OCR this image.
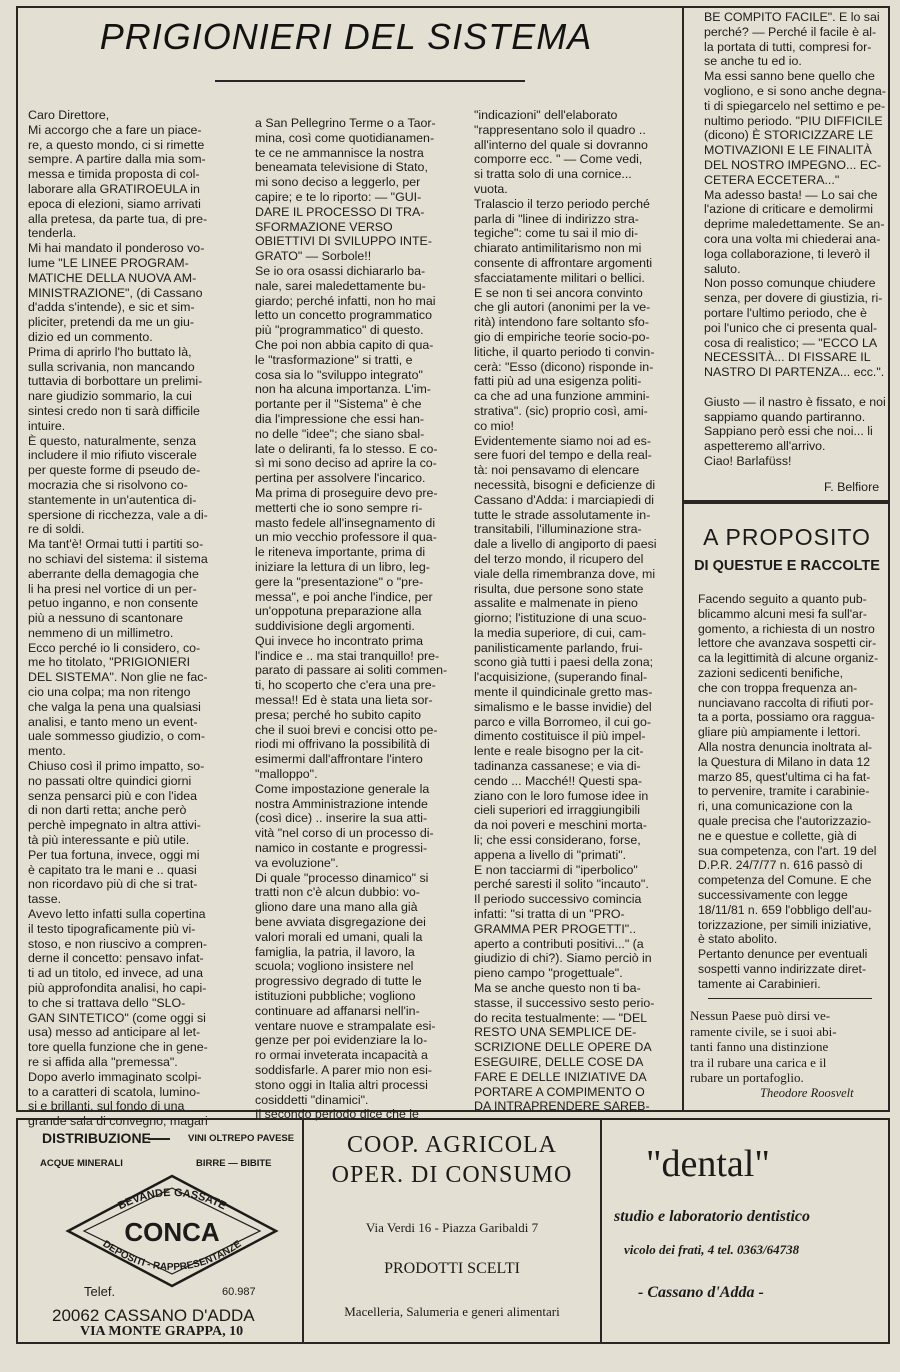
PRIGIONIERI DEL SISTEMA
Caro Direttore,
Mi accorgo che a fare un piace-
re, a questo mondo, ci si rimette
sempre. A partire dalla mia som-
messa e timida proposta di col-
laborare alla GRATIROEULA in
epoca di elezioni, siamo arrivati
alla pretesa, da parte tua, di pre-
tenderla.
Mi hai mandato il ponderoso vo-
lume "LE LINEE PROGRAM-
MATICHE DELLA NUOVA AM-
MINISTRAZIONE", (di Cassano
d'adda s'intende), e sic et sim-
pliciter, pretendi da me un giu-
dizio ed un commento.
Prima di aprirlo l'ho buttato là,
sulla scrivania, non mancando
tuttavia di borbottare un prelimi-
nare giudizio sommario, la cui
sintesi credo non ti sarà difficile
intuire.
È questo, naturalmente, senza
includere il mio rifiuto viscerale
per queste forme di pseudo de-
mocrazia che si risolvono co-
stantemente in un'autentica di-
spersione di ricchezza, vale a di-
re di soldi.
Ma tant'è! Ormai tutti i partiti so-
no schiavi del sistema: il sistema
aberrante della demagogia che
li ha presi nel vortice di un per-
petuo inganno, e non consente
più a nessuno di scantonare
nemmeno di un millimetro.
Ecco perché io li considero, co-
me ho titolato, "PRIGIONIERI
DEL SISTEMA". Non glie ne fac-
cio una colpa; ma non ritengo
che valga la pena una qualsiasi
analisi, e tanto meno un event-
uale sommesso giudizio, o com-
mento.
Chiuso così il primo impatto, so-
no passati oltre quindici giorni
senza pensarci più e con l'idea
di non darti retta; anche però
perchè impegnato in altra attivi-
tà più interessante e più utile.
Per tua fortuna, invece, oggi mi
è capitato tra le mani e .. quasi
non ricordavo più di che si trat-
tasse.
Avevo letto infatti sulla copertina
il testo tipograficamente più vi-
stoso, e non riuscivo a compren-
derne il concetto: pensavo infat-
ti ad un titolo, ed invece, ad una
più approfondita analisi, ho capi-
to che si trattava dello "SLO-
GAN SINTETICO" (come oggi si
usa) messo ad anticipare al let-
tore quella funzione che in gene-
re si affida alla "premessa".
Dopo averlo immaginato scolpi-
to a caratteri di scatola, lumino-
si e brillanti, sul fondo di una
grande sala di convegno, magari
a San Pellegrino Terme o a Taor-
mina, così come quotidianamen-
te ce ne ammanniscе la nostra
beneamata televisione di Stato,
mi sono deciso a leggerlo, per
capire; e te lo riporto: — "GUI-
DARE IL PROCESSO DI TRA-
SFORMAZIONE VERSO
OBIETTIVI DI SVILUPPO INTE-
GRATO" — Sorbole!!
Se io ora osassi dichiararlo ba-
nale, sarei maledettamente bu-
giardo; perché infatti, non ho mai
letto un concetto programmatico
più "programmatico" di questo.
Che poi non abbia capito di qua-
le "trasformazione" si tratti, e
cosa sia lo "sviluppo integrato"
non ha alcuna importanza. L'im-
portante per il "Sistema" è che
dia l'impressione che essi han-
no delle "idee"; che siano sbal-
late o deliranti, fa lo stesso. E co-
sì mi sono deciso ad aprire la co-
pertina per assolvere l'incarico.
Ma prima di proseguire devo pre-
mettertі che io sono sempre ri-
masto fedele all'insegnamento di
un mio vecchio professore il qua-
le riteneva importante, prima di
iniziare la lettura di un libro, leg-
gere la "presentazione" o "pre-
messa", e poi anche l'indice, per
un'oppotuna preparazione alla
suddivisione degli argomenti.
Qui invece ho incontrato prima
l'indice e .. ma stai tranquillo! pre-
parato di passare ai soliti commen-
ti, ho scoperto che c'era una pre-
messa!! Ed è stata una lieta sor-
presa; perché ho subito capito
che il suoi brevi e concisi otto pe-
riodi mi offrivano la possibilità di
esimermi dall'affrontare l'intero
"malloppo".
Come impostazione generale la
nostra Amministrazione intende
(così dice) .. inserire la sua atti-
vità "nel corso di un processo di-
namico in costante e progressi-
va evoluzione".
Di quale "processo dinamico" si
tratti non c'è alcun dubbio: vo-
gliono dare una mano alla già
bene avviata disgregazione dei
valori morali ed umani, quali la
famiglia, la patria, il lavoro, la
scuola; vogliono insistere nel
progressivo degrado di tutte le
istituzioni pubbliche; vogliono
continuare ad affanarsi nell'in-
ventare nuove e strampalate esi-
genze per poi evidenziare la lo-
ro ormai inveterata incapacità a
soddisfarle. A parer mio non esi-
stono oggi in Italia altri processi
cosiddetti "dinamici".
Il secondo periodo dice che le
"indicazioni" dell'elaborato
"rappresentano solo il quadro ..
all'interno del quale si dovranno
comporre ecc. " — Come vedi,
si tratta solo di una cornice...
vuota.
Tralascio il terzo periodo perché
parla di "linee di indirizzo stra-
tegiche": come tu sai il mio di-
chiarato antimilitarismo non mi
consente di affrontare argomenti
sfacciatamente militari o bellici.
E se non ti sei ancora convinto
che gli autori (anonimi per la ve-
rità) intendono fare soltanto sfo-
gio di empiriche teorie socio-po-
litiche, il quarto periodo ti convin-
cerà: "Esso (dicono) risponde in-
fatti più ad una esigenza politi-
ca che ad una funzione ammini-
strativa". (sic) proprio così, ami-
co mio!
Evidentemente siamo noi ad es-
sere fuori del tempo e della real-
tà: noi pensavamo di elencare
necessità, bisogni e deficienze di
Cassano d'Adda: i marciapiedi di
tutte le strade assolutamente in-
transitabili, l'illuminazione stra-
dale a livello di angiporto di paesi
del terzo mondo, il ricupero del
viale della rimembranza dove, mi
risulta, due persone sono state
assalite e malmenate in pieno
giorno; l'istituzione di una scuo-
la media superiore, di cui, cam-
panilisticamente parlando, frui-
scono già tutti i paesi della zona;
l'acquisizione, (superando final-
mente il quindicinale gretto mas-
simalismo e le basse invidie) del
parco e villa Borromeo, il cui go-
dimento costituisce il più impel-
lente e reale bisogno per la cit-
tadinanza cassanese; e via di-
cendo ... Macché!! Questi spa-
ziano con le loro fumose idee in
cieli superiori ed irraggiungibili
da noi poveri e meschini morta-
li; che essi considerano, forse,
appena a livello di "primati".
E non tacciarmi di "iperbolico"
perché saresti il solito "incauto".
Il periodo successivo comincia
infatti: "si tratta di un "PRO-
GRAMMA PER PROGETTI"..
aperto a contributi positivi..." (a
giudizio di chi?). Siamo perciò in
pieno campo "progettuale".
Ma se anche questo non ti ba-
stasse, il successivo sesto perio-
do recita testualmente: — "DEL
RESTO UNA SEMPLICE DE-
SCRIZIONE DELLE OPERE DA
ESEGUIRE, DELLE COSE DA
FARE E DELLE INIZIATIVE DA
PORTARE A COMPIMENTO O
DA INTRAPRENDERE SAREB-
BE COMPITO FACILE". E lo sai
perché? — Perché il facile è al-
la portata di tutti, compresi for-
se anche tu ed io.
Ma essi sanno bene quello che
vogliono, e si sono anche degna-
ti di spiegarcelo nel settimo e pe-
nultimo periodo. "PIU DIFFICILE
(dicono) È STORICIZZARE LE
MOTIVAZIONI E LE FINALITÀ
DEL NOSTRO IMPEGNO... EC-
CETERA ECCETERA..."
Ma adesso basta! — Lo sai che
l'azione di criticare e demolirmi
deprime maledettamente. Se an-
cora una volta mi chiederai ana-
loga collaborazione, ti leverò il
saluto.
Non posso comunque chiudere
senza, per dovere di giustizia, ri-
portare l'ultimo periodo, che è
poi l'unico che ci presenta qual-
cosa di realistico; — "ECCO LA
NECESSITÀ... DI FISSARE IL
NASTRO DI PARTENZA... ecc.".

Giusto — il nastro è fissato, e noi
sappiamo quando partiranno.
Sappiano però essi che noi... li
aspetteremo all'arrivo.
Ciao! Barlafüss!
F. Belfiore
A PROPOSITO
DI QUESTUE E RACCOLTE
Facendo seguito a quanto pub-
blicammo alcuni mesi fa sull'ar-
gomento, a richiesta di un nostro
lettore che avanzava sospetti cir-
ca la legittimità di alcune organiz-
zazioni sedicenti benifiche,
che con troppa frequenza an-
nunciavano raccolta di rifiuti por-
ta a porta, possiamo ora raggua-
gliare più ampiamente i lettori.
Alla nostra denuncia inoltrata al-
la Questura di Milano in data 12
marzo 85, quest'ultima ci ha fat-
to pervenire, tramite i carabinie-
ri, una comunicazione con la
quale precisa che l'autorizzazio-
ne e questue e collette, già di
sua competenza, con l'art. 19 del
D.P.R. 24/7/77 n. 616 passò di
competenza del Comune. E che
successivamente con legge
18/11/81 n. 659 l'obbligo dell'au-
torizzazione, per simili iniziative,
è stato abolito.
Pertanto denunce per eventuali
sospetti vanno indirizzate diret-
tamente ai Carabinieri.
Nessun Paese può dirsi ve-
ramente civile, se i suoi abi-
tanti fanno una distinzione
tra il rubare una carica e il
rubare un portafoglio.
Theodore Roosvelt
DISTRIBUZIONE	VINI OLTREPO PAVESE
ACQUE MINERALI	BIRRE — BIBITE
BEVANDE GASSATE
CONCA
DEPOSITI - RAPPRESENTANZE
Telef.	60.987
20062 CASSANO D'ADDA
VIA MONTE GRAPPA, 10
COOP. AGRICOLA
OPER. DI CONSUMO
Via Verdi 16 - Piazza Garibaldi 7
PRODOTTI SCELTI
Macelleria, Salumeria e generi alimentari
"dental"
studio e laboratorio dentistico
vicolo dei frati, 4 tel. 0363/64738
- Cassano d'Adda -
